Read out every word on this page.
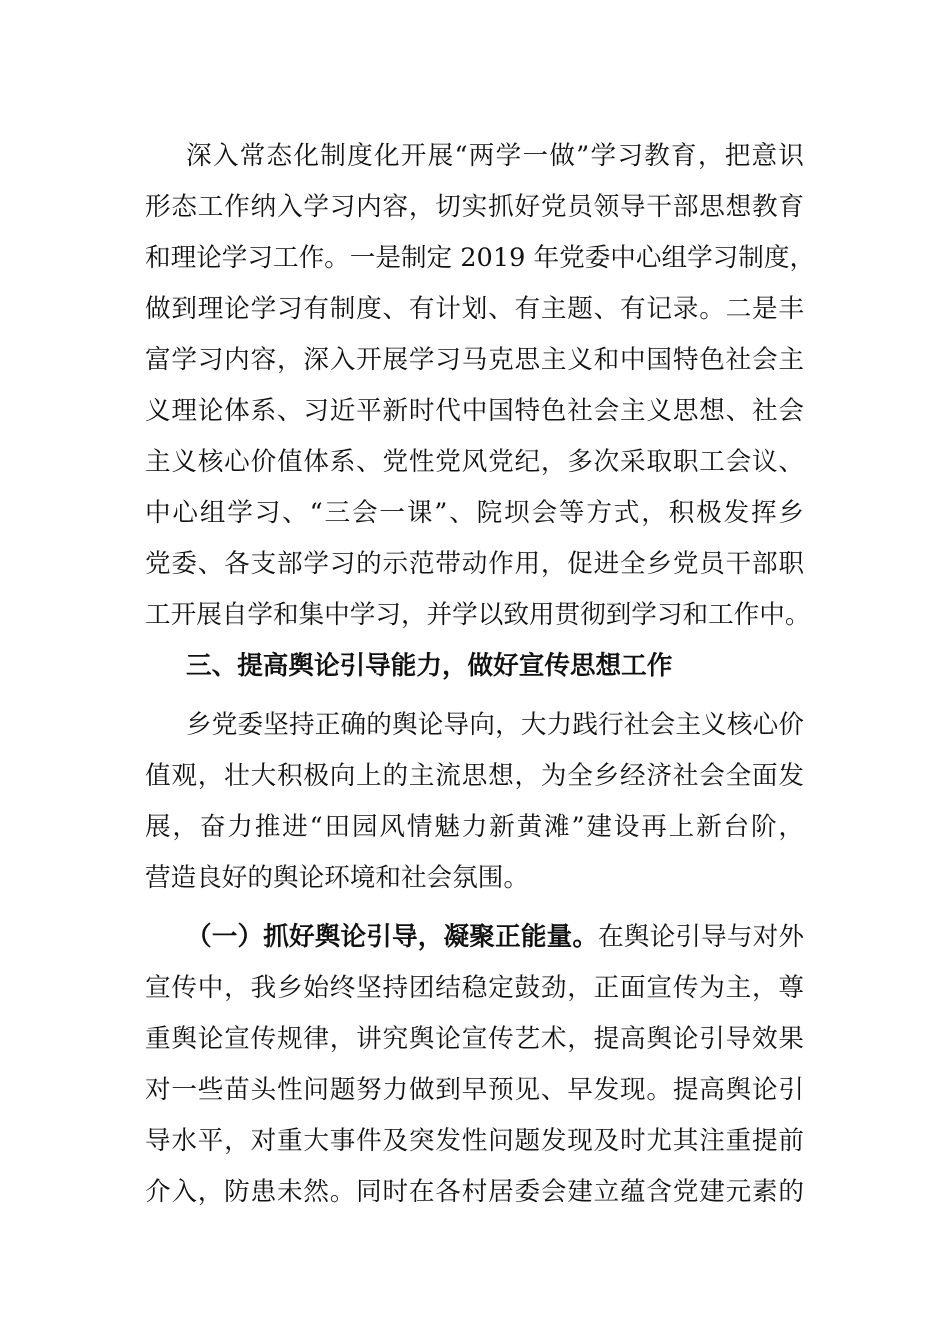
深入常态化制度化开展“两学一做”学习教育，把意识

形态工作纳入学习内容，切实抓好党员领导干部思想教育

和理论学习工作。一是制定 2019 年党委中心组学习制度，

做到理论学习有制度、有计划、有主题、有记录。二是丰

富学习内容，深入开展学习马克思主义和中国特色社会主

义理论体系、习近平新时代中国特色社会主义思想、社会

主义核心价值体系、党性党风党纪，多次采取职工会议、

中心组学习、“三会一课”、院坝会等方式，积极发挥乡

党委、各支部学习的示范带动作用，促进全乡党员干部职

工开展自学和集中学习，并学以致用贯彻到学习和工作中。

三、提高舆论引导能力，做好宣传思想工作

乡党委坚持正确的舆论导向，大力践行社会主义核心价

值观，壮大积极向上的主流思想，为全乡经济社会全面发

展，奋力推进“田园风情魅力新黄滩”建设再上新台阶，

营造良好的舆论环境和社会氛围。

（一）抓好舆论引导，凝聚正能量。在舆论引导与对外

宣传中，我乡始终坚持团结稳定鼓劲，正面宣传为主，尊

重舆论宣传规律，讲究舆论宣传艺术，提高舆论引导效果

对一些苗头性问题努力做到早预见、早发现。提高舆论引

导水平，对重大事件及突发性问题发现及时尤其注重提前

介入，防患未然。同时在各村居委会建立蕴含党建元素的
